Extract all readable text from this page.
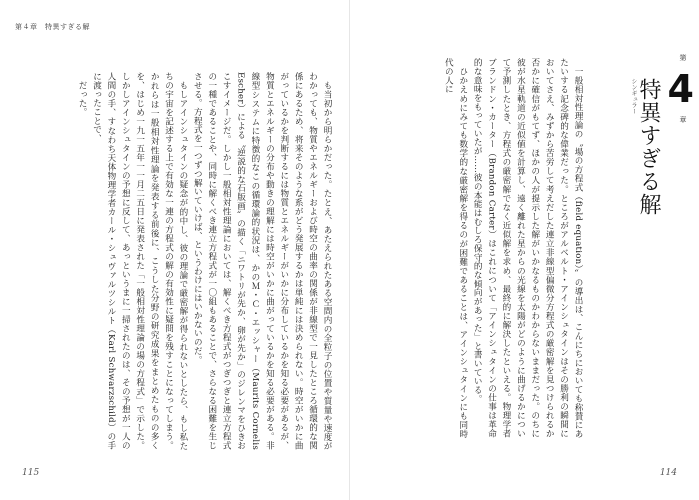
第４章　特異すぎる解

も当初から明らかだった。たとえ、あたえられたある空間内の全粒子の位置や質量や速度がわかっても、物質やエネルギーおよび時空の曲率の関係が非線型で一見したところ循環的な関係にあるため、将来そのような系がどう発展するかは単純には決められない。時空がいかに曲がっているかを判断するには物質とエネルギーがいかに分布しているかを知る必要があるが、物質とエネルギーの分布や動きの理解には時空がいかに曲がっているかを知る必要がある。非線型システムに特徴的なこの循環論的状況は、かのＭ・Ｃ・エッシャー（Maurits Cornelis Escher）による〝逆説的な石版画〟の描く「ニワトリが先か、卵が先か」のジレンマをひきおこすイメージだ。しかし一般相対性理論においては、解くべき方程式がつぎつぎと連立方程式の一種であることや、同時に解くべき連立方程式が一〇組もあることで、さらなる困難を生じさせる。方程式を一つずつ解いていけば、というわけにはいかないのだ。

もしアインシュタインの疑念が的中し、彼の理論で厳密解が得られないとしたら、もし私たちの宇宙を記述する上で有効な一連の方程式の解の有効性に疑問を残すことになってしまう。かれらは一般相対性理論を発表する前後に、こうした分野の研究成果をまとめたものの多くを、はじめ一九一五年一一月二五日に発表された「一般相対性理論の場の方程式」で示した。しかしアインシュタインの予想に反して、あっというまに一掃されたのは、その予想が一人の人間の手、すなわち天体物理学者カール・シュヴァルツシルト（Karl Schwarzschild）の手に渡ったことで、

だった。

115

一般相対性理論の〝場の方程式（field equation）〟の導出は、こんにちにおいても称賛にあたいする記念碑的な偉業だった。ところがアルベルト・アインシュタインはその勝利の瞬間においてさえ、みずから苦労して考えだした連立非線型偏微分方程式の厳密解を見つけられるか否かに確信がもてず、ほかの人が提示した解がいかなるものかわからないままだった。のちに彼が水星軌道の近似値を計算し、遠く離れた星からの光線を太陽がどのように曲げるかについて予測したとき、方程式の厳密解でなく近似解を求め、最終的に解決したといえる。物理学者ブランドン・カーター（Brandon Carter）はこれについて「アインシュタインの仕事は革命的な意味をもっていたが……彼の本能はむしろ保守的な傾向があった」と書いている。

ひかえめにみても数学的な厳密解を得るのが困難であることは、アインシュタインにも同時代の人に

第
4
章
シンギュラー 特異すぎる解
114
